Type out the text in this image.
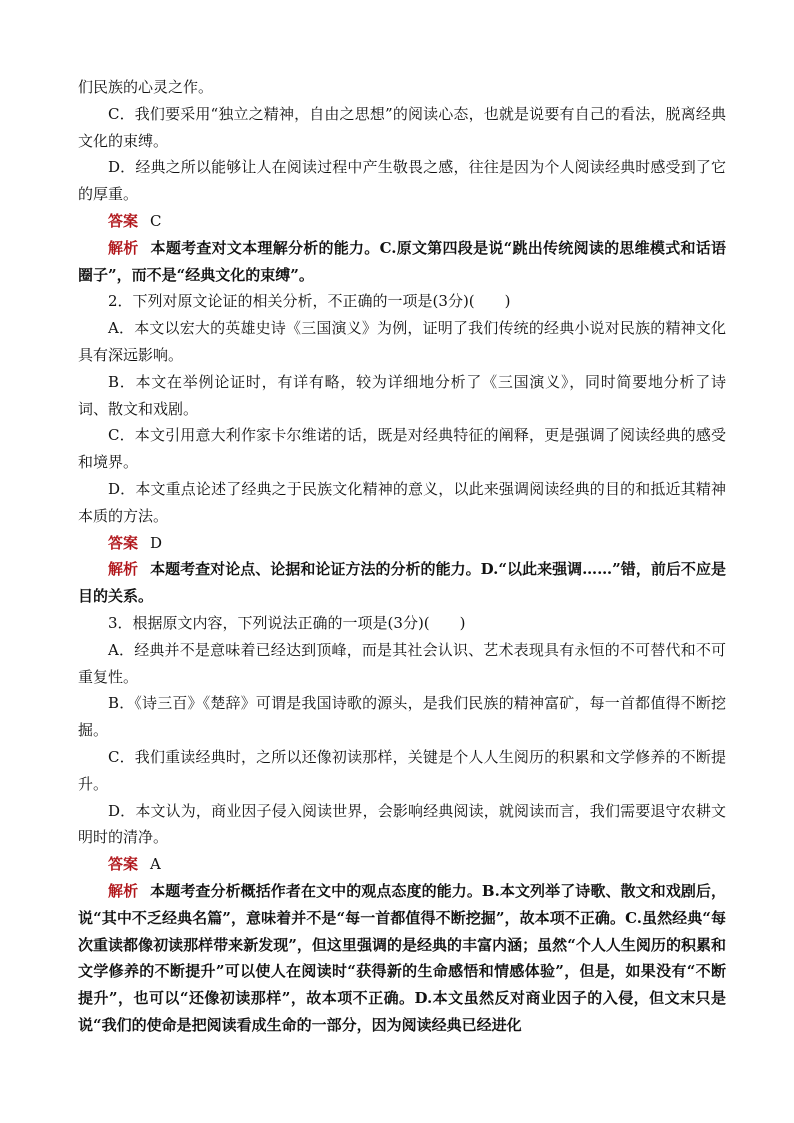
们民族的心灵之作。

C．我们要采用“独立之精神，自由之思想”的阅读心态，也就是说要有自己的看法，脱离经典文化的束缚。

D．经典之所以能够让人在阅读过程中产生敬畏之感，往往是因为个人阅读经典时感受到了它的厚重。

答案 C

解析 本题考查对文本理解分析的能力。C.原文第四段是说“跳出传统阅读的思维模式和话语圈子”，而不是“经典文化的束缚”。

2．下列对原文论证的相关分析，不正确的一项是(3分)(　　)

A．本文以宏大的英雄史诗《三国演义》为例，证明了我们传统的经典小说对民族的精神文化具有深远影响。

B．本文在举例论证时，有详有略，较为详细地分析了《三国演义》，同时简要地分析了诗词、散文和戏剧。

C．本文引用意大利作家卡尔维诺的话，既是对经典特征的阐释，更是强调了阅读经典的感受和境界。

D．本文重点论述了经典之于民族文化精神的意义，以此来强调阅读经典的目的和抵近其精神本质的方法。

答案 D

解析 本题考查对论点、论据和论证方法的分析的能力。D.“以此来强调……”错，前后不应是目的关系。

3．根据原文内容，下列说法正确的一项是(3分)(　　)

A．经典并不是意味着已经达到顶峰，而是其社会认识、艺术表现具有永恒的不可替代和不可重复性。

B．《诗三百》《楚辞》可谓是我国诗歌的源头，是我们民族的精神富矿，每一首都值得不断挖掘。

C．我们重读经典时，之所以还像初读那样，关键是个人人生阅历的积累和文学修养的不断提升。

D．本文认为，商业因子侵入阅读世界，会影响经典阅读，就阅读而言，我们需要退守农耕文明时的清净。

答案 A

解析 本题考查分析概括作者在文中的观点态度的能力。B.本文列举了诗歌、散文和戏剧后，说“其中不乏经典名篇”，意味着并不是“每一首都值得不断挖掘”，故本项不正确。C.虽然经典“每次重读都像初读那样带来新发现”，但这里强调的是经典的丰富内涵；虽然“个人人生阅历的积累和文学修养的不断提升”可以使人在阅读时“获得新的生命感悟和情感体验”，但是，如果没有“不断提升”，也可以“还像初读那样”，故本项不正确。D.本文虽然反对商业因子的入侵，但文末只是说“我们的使命是把阅读看成生命的一部分，因为阅读经典已经进化
